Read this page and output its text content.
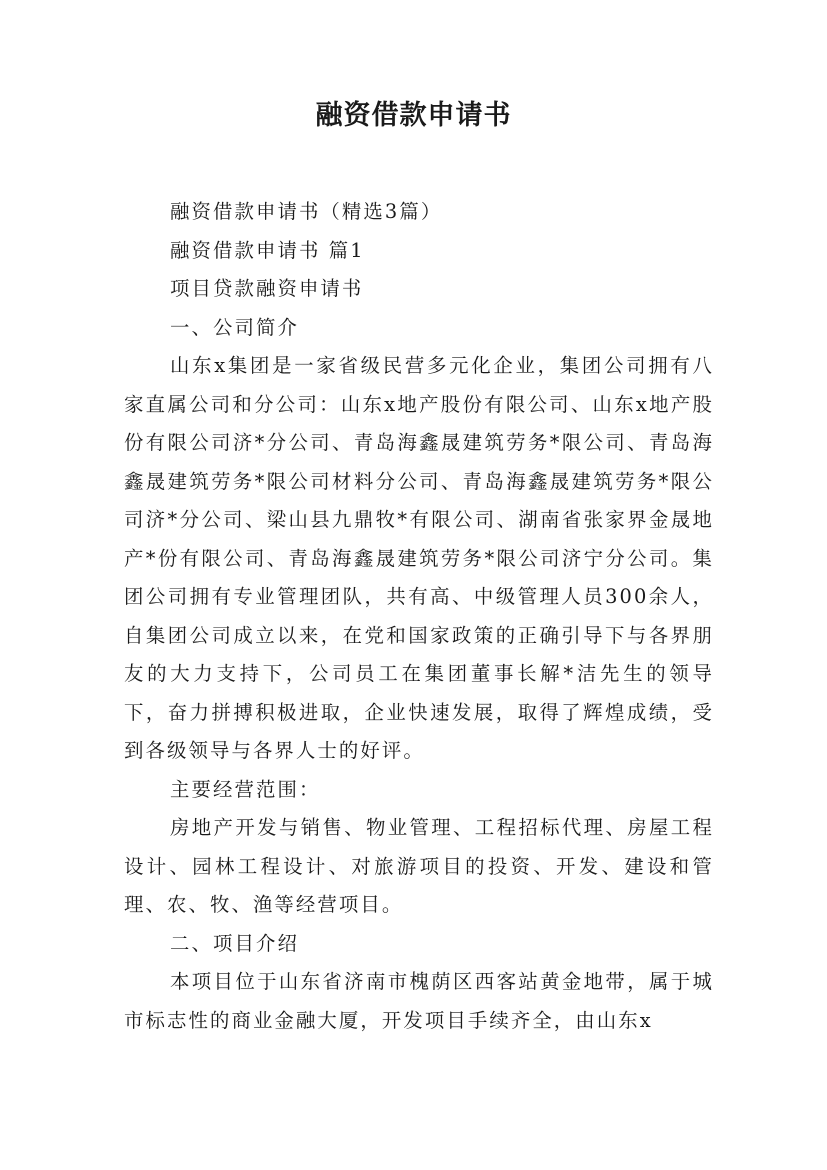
融资借款申请书

融资借款申请书（精选3篇）

融资借款申请书 篇1

项目贷款融资申请书

一、公司简介

山东x集团是一家省级民营多元化企业，集团公司拥有八家直属公司和分公司：山东x地产股份有限公司、山东x地产股份有限公司济*分公司、青岛海鑫晟建筑劳务*限公司、青岛海鑫晟建筑劳务*限公司材料分公司、青岛海鑫晟建筑劳务*限公司济*分公司、梁山县九鼎牧*有限公司、湖南省张家界金晟地产*份有限公司、青岛海鑫晟建筑劳务*限公司济宁分公司。集团公司拥有专业管理团队，共有高、中级管理人员300余人，自集团公司成立以来，在党和国家政策的正确引导下与各界朋友的大力支持下，公司员工在集团董事长解*洁先生的领导下，奋力拼搏积极进取，企业快速发展，取得了辉煌成绩，受到各级领导与各界人士的好评。

主要经营范围：

房地产开发与销售、物业管理、工程招标代理、房屋工程设计、园林工程设计、对旅游项目的投资、开发、建设和管理、农、牧、渔等经营项目。

二、项目介绍

本项目位于山东省济南市槐荫区西客站黄金地带，属于城市标志性的商业金融大厦，开发项目手续齐全，由山东x
